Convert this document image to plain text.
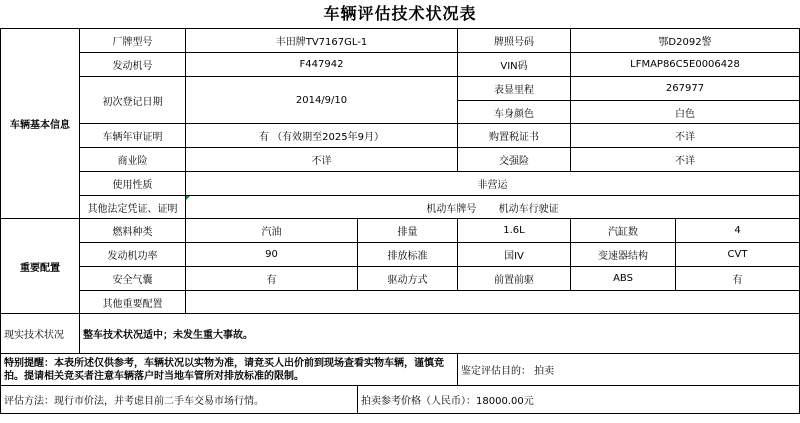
车辆评估技术状况表
车辆基本信息	厂牌型号	丰田牌TV7167GL-1		牌照号码	鄂D2092警	
	发动机号	F447942		VIN码	LFMAP86C5E0006428	
	初次登记日期	2014/9/10		表显里程	267977	
				车身颜色	白色	
	车辆年审证明	有 （有效期至2025年9月）		购置税证书	不详	
	商业险	不详		交强险	不详	
	使用性质	非营运				
	其他法定凭证、证明	机动车牌号 机动车行驶证				
重要配置	燃料种类	汽油	排量	1.6L	汽缸数	4
	发动机功率	90	排放标准	国IV	变速器结构	CVT
	安全气囊	有	驱动方式	前置前驱	ABS	有
	其他重要配置					
现实技术状况	整车技术状况适中；未发生重大事故。					
特别提醒：本表所述仅供参考，车辆状况以实物为准，请竞买人出价前到现场查看实物车辆，谨慎竞拍。提请相关竞买者注意车辆落户时当地车管所对排放标准的限制。				鉴定评估目的： 拍卖		
评估方法：现行市价法，并考虑目前二手车交易市场行情。			拍卖参考价格（人民币）：18000.00元			
